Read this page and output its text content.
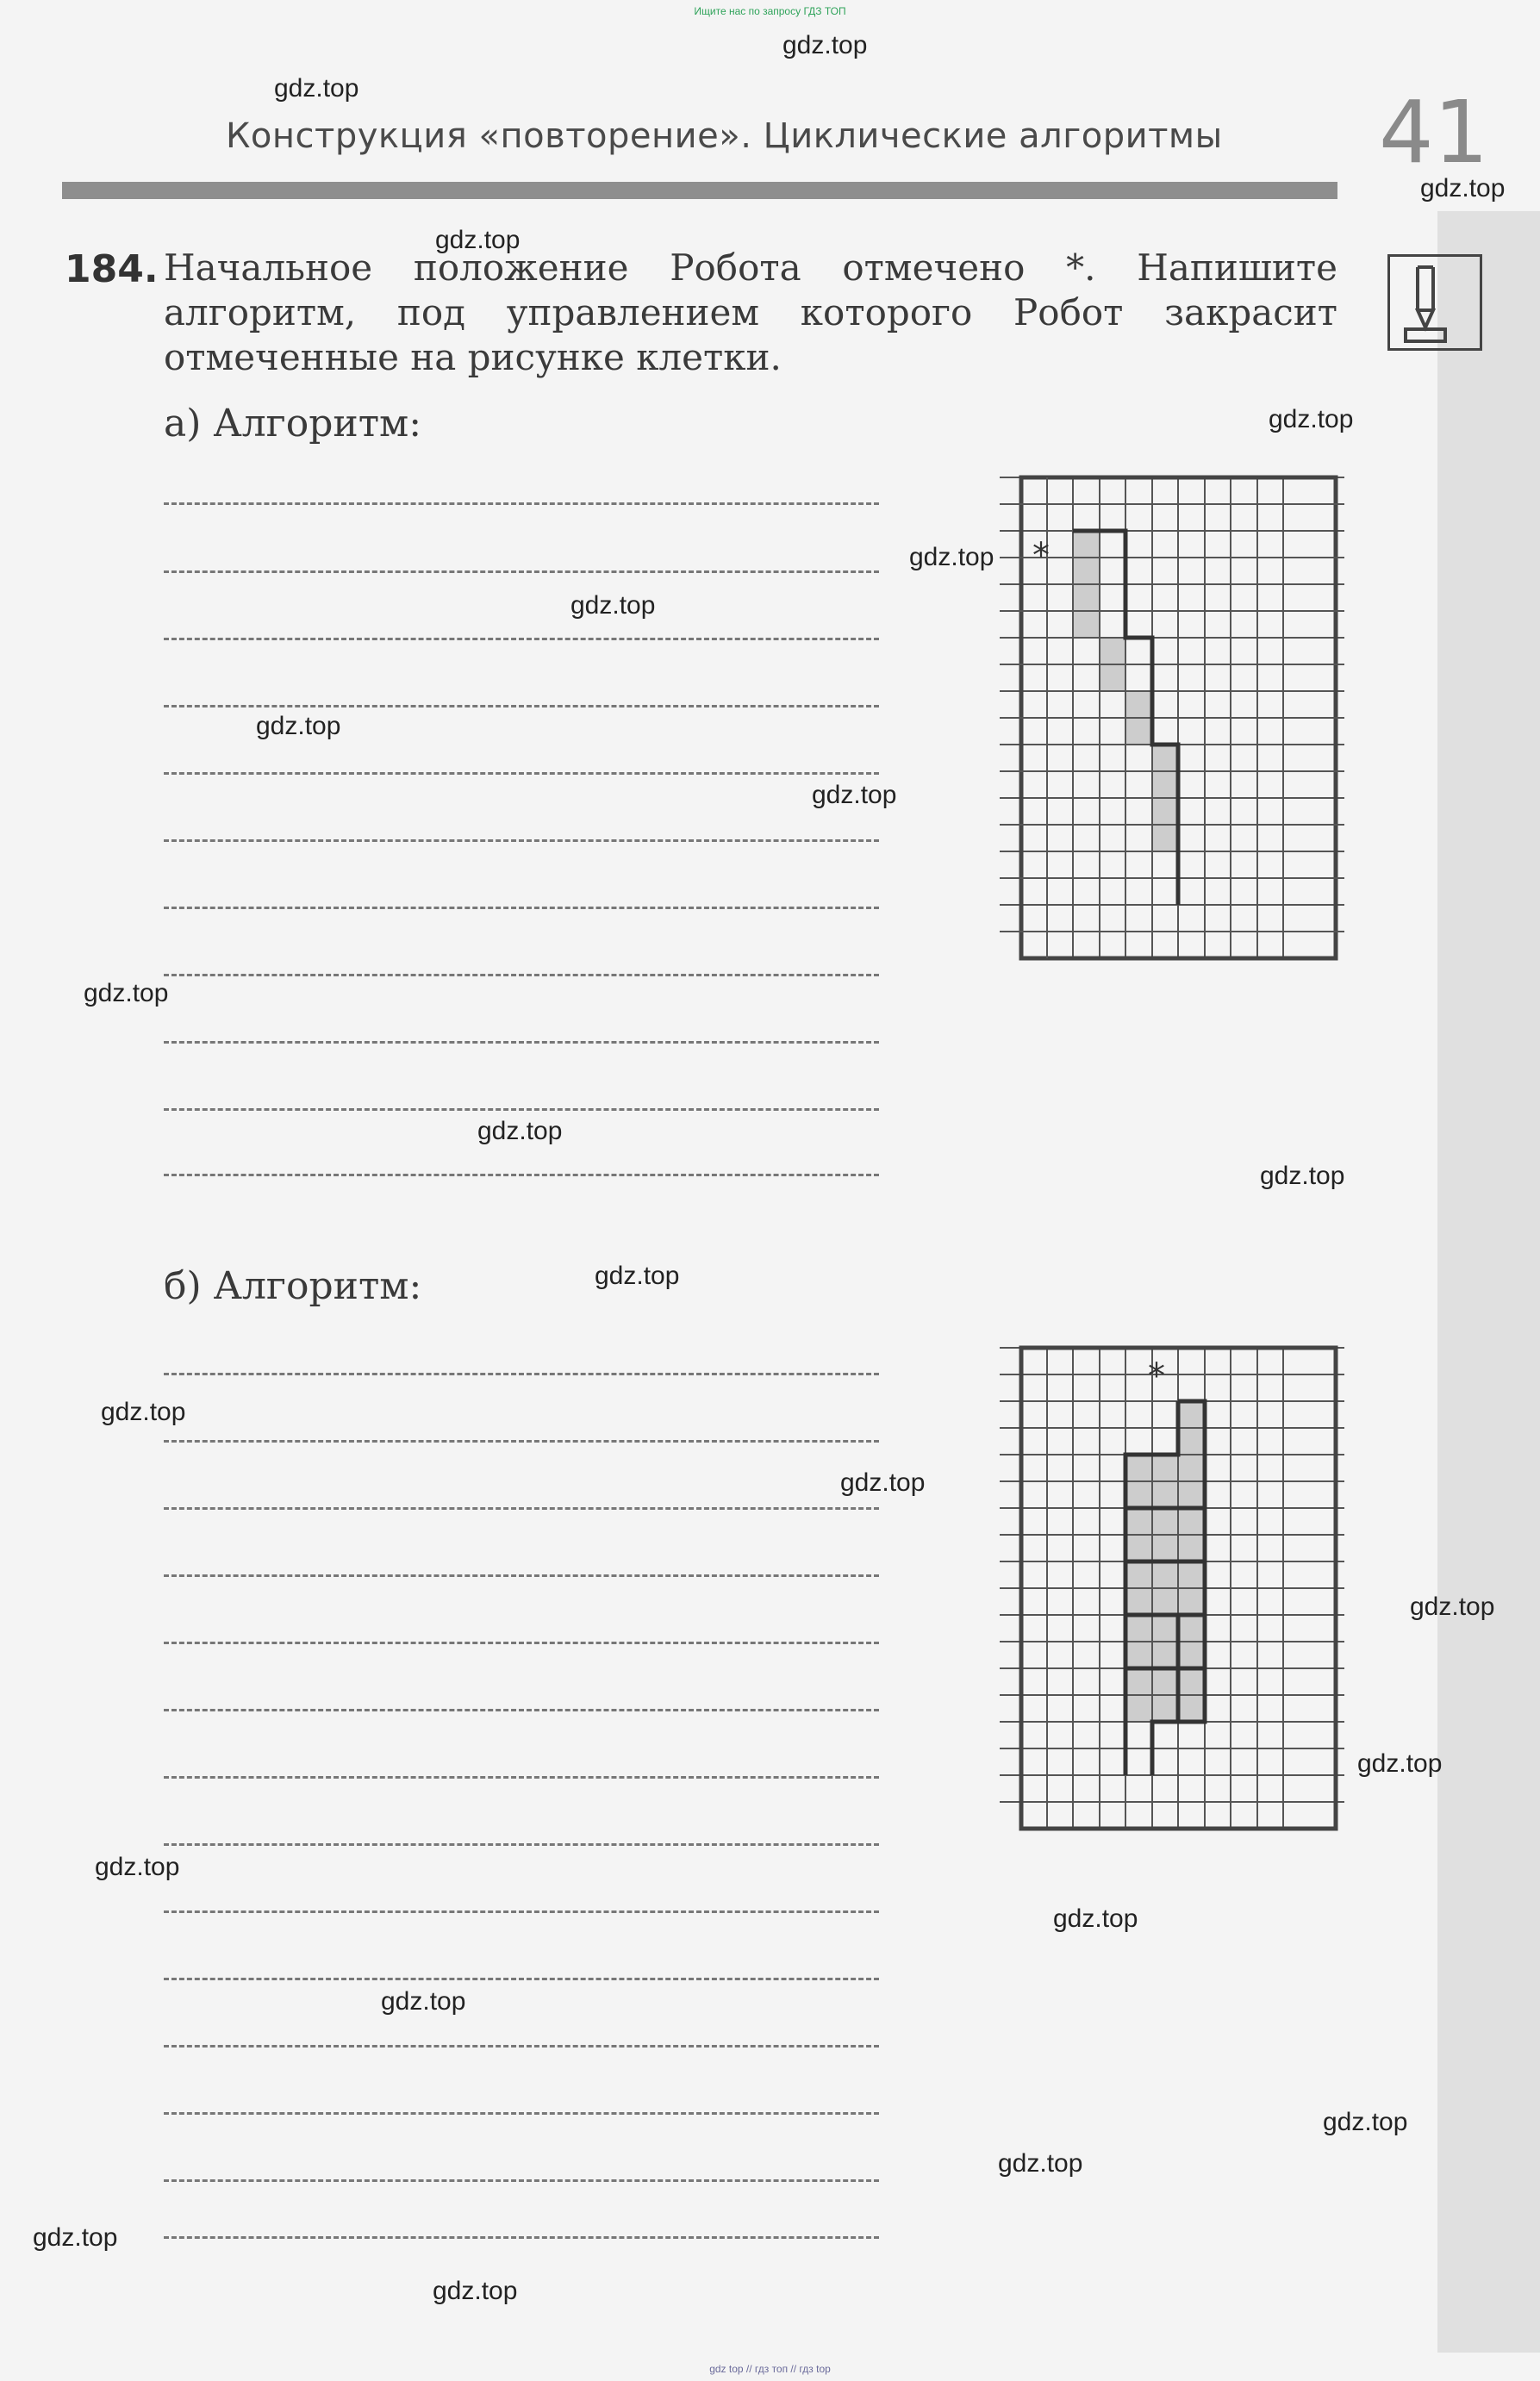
Ищите нас по запросу ГДЗ ТОП
Конструкция «повторение». Циклические алгоритмы 41
184. Начальное положение Робота отмечено *. Напишите алгоритм, под управлением которого Робот закрасит отмеченные на рисунке клетки.
а) Алгоритм:
б) Алгоритм:
*
*
gdz.top
gdz.top
gdz.top
gdz.top
gdz.top
gdz.top
gdz.top
gdz.top
gdz.top
gdz.top
gdz.top
gdz.top
gdz.top
gdz.top
gdz.top
gdz.top
gdz.top
gdz.top
gdz.top
gdz.top
gdz.top
gdz.top
gdz.top
gdz.top
gdz top // гдз топ // гдз top
